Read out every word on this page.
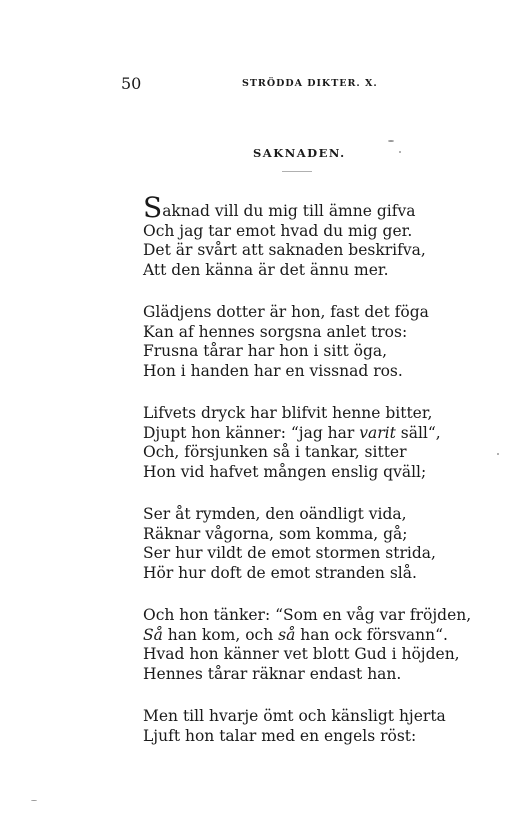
50	STRÖDDA DIKTER. X.
SAKNADEN.
Saknad vill du mig till ämne gifva
Och jag tar emot hvad du mig ger.
Det är svårt att saknaden beskrifva,
Att den känna är det ännu mer.
Glädjens dotter är hon, fast det föga
Kan af hennes sorgsna anlet tros:
Frusna tårar har hon i sitt öga,
Hon i handen har en vissnad ros.
Lifvets dryck har blifvit henne bitter,
Djupt hon känner: “jag har varit säll“,
Och, försjunken så i tankar, sitter
Hon vid hafvet mången enslig qväll;
Ser åt rymden, den oändligt vida,
Räknar vågorna, som komma, gå;
Ser hur vildt de emot stormen strida,
Hör hur doft de emot stranden slå.
Och hon tänker: “Som en våg var fröjden,
Så han kom, och så han ock försvann“.
Hvad hon känner vet blott Gud i höjden,
Hennes tårar räknar endast han.
Men till hvarje ömt och känsligt hjerta
Ljuft hon talar med en engels röst:
